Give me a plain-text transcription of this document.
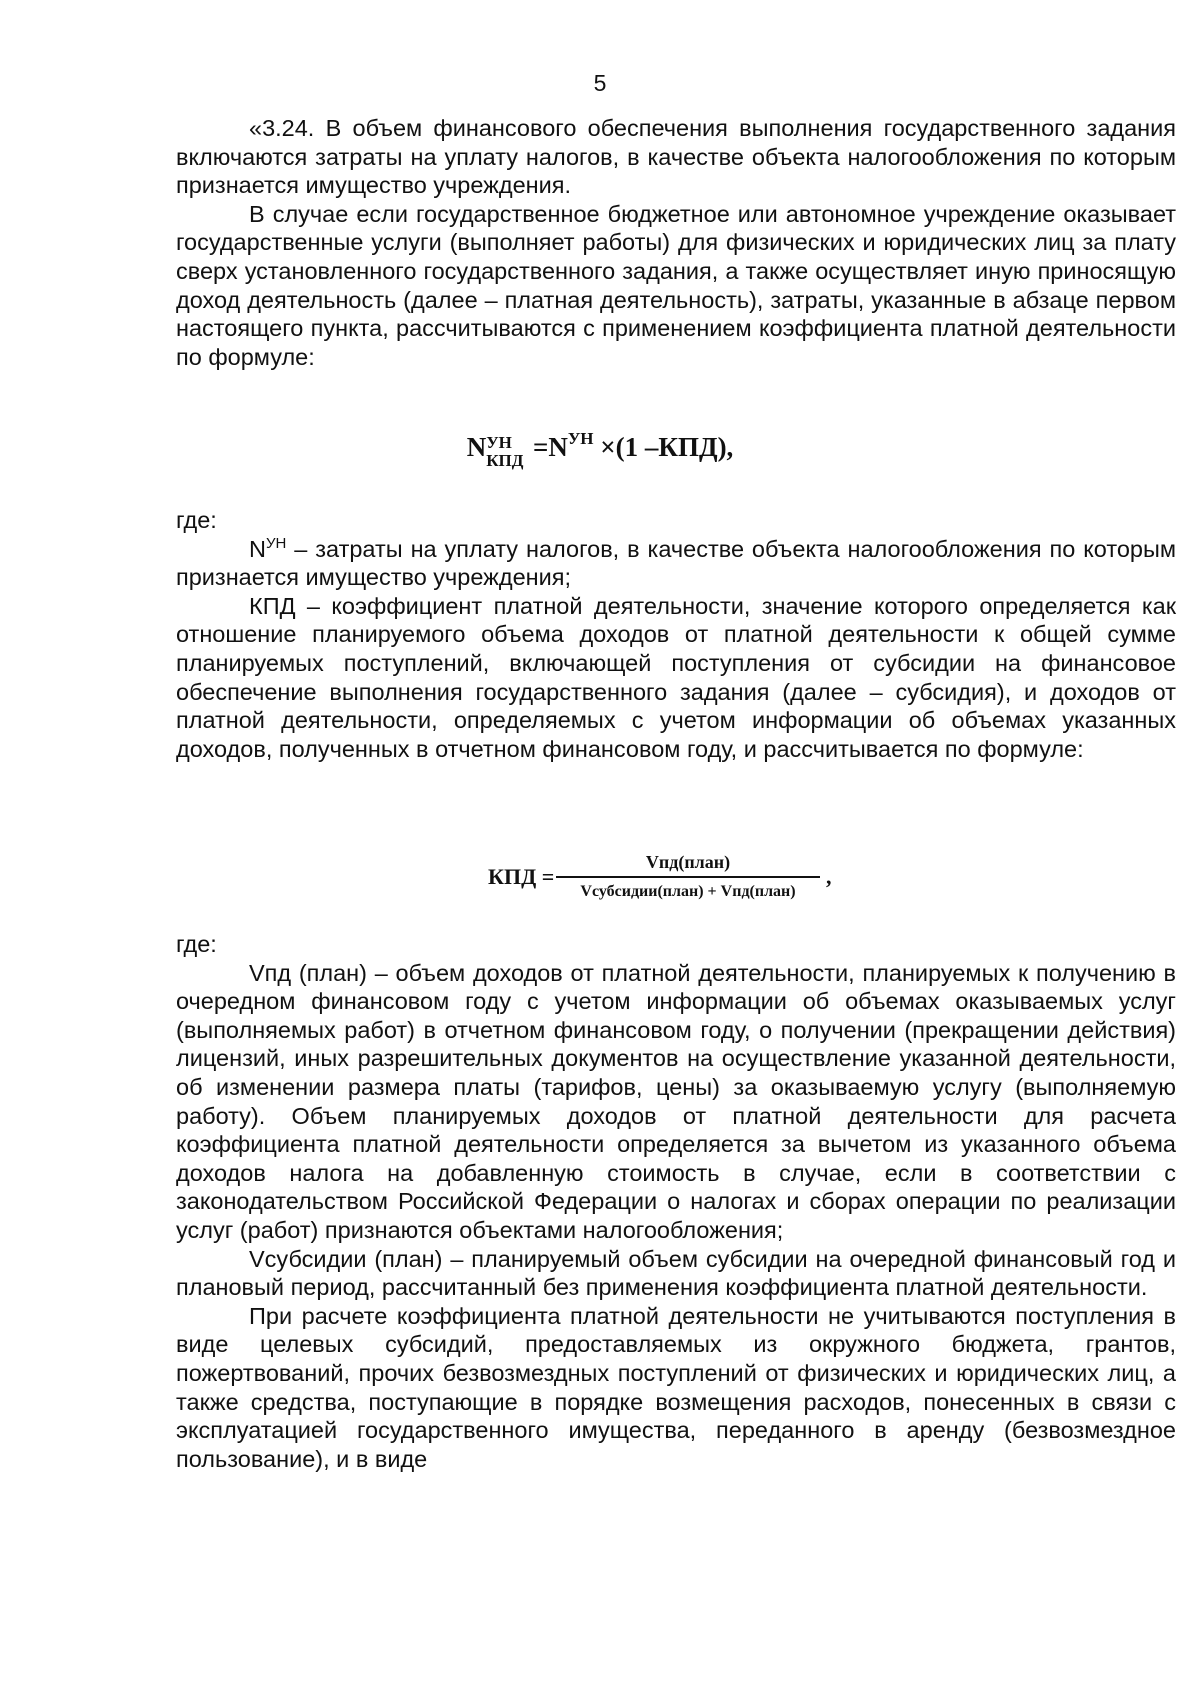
5

«3.24. В объем финансового обеспечения выполнения государственного задания включаются затраты на уплату налогов, в качестве объекта налогообложения по которым признается имущество учреждения.

В случае если государственное бюджетное или автономное учреждение оказывает государственные услуги (выполняет работы) для физических и юридических лиц за плату сверх установленного государственного задания, а также осуществляет иную приносящую доход деятельность (далее – платная деятельность), затраты, указанные в абзаце первом настоящего пункта, рассчитываются с применением коэффициента платной деятельности по формуле:

N УН
КПД $=N^{УН} \times(1$ –КПД),

где:

$N^{УН}$ – затраты на уплату налогов, в качестве объекта налогообложения по которым признается имущество учреждения;

КПД – коэффициент платной деятельности, значение которого определяется как отношение планируемого объема доходов от платной деятельности к общей сумме планируемых поступлений, включающей поступления от субсидии на финансовое обеспечение выполнения государственного задания (далее – субсидия), и доходов от платной деятельности, определяемых с учетом информации об объемах указанных доходов, полученных в отчетном финансовом году, и рассчитывается по формуле:

КПД =
Vпд(план)
Vсубсидии(план) + Vпд(план)
,

где:

Vпд (план) – объем доходов от платной деятельности, планируемых к получению в очередном финансовом году с учетом информации об объемах оказываемых услуг (выполняемых работ) в отчетном финансовом году, о получении (прекращении действия) лицензий, иных разрешительных документов на осуществление указанной деятельности, об изменении размера платы (тарифов, цены) за оказываемую услугу (выполняемую работу). Объем планируемых доходов от платной деятельности для расчета коэффициента платной деятельности определяется за вычетом из указанного объема доходов налога на добавленную стоимость в случае, если в соответствии с законодательством Российской Федерации о налогах и сборах операции по реализации услуг (работ) признаются объектами налогообложения;

Vсубсидии (план) – планируемый объем субсидии на очередной финансовый год и плановый период, рассчитанный без применения коэффициента платной деятельности.

При расчете коэффициента платной деятельности не учитываются поступления в виде целевых субсидий, предоставляемых из окружного бюджета, грантов, пожертвований, прочих безвозмездных поступлений от физических и юридических лиц, а также средства, поступающие в порядке возмещения расходов, понесенных в связи с эксплуатацией государственного имущества, переданного в аренду (безвозмездное пользование), и в виде
